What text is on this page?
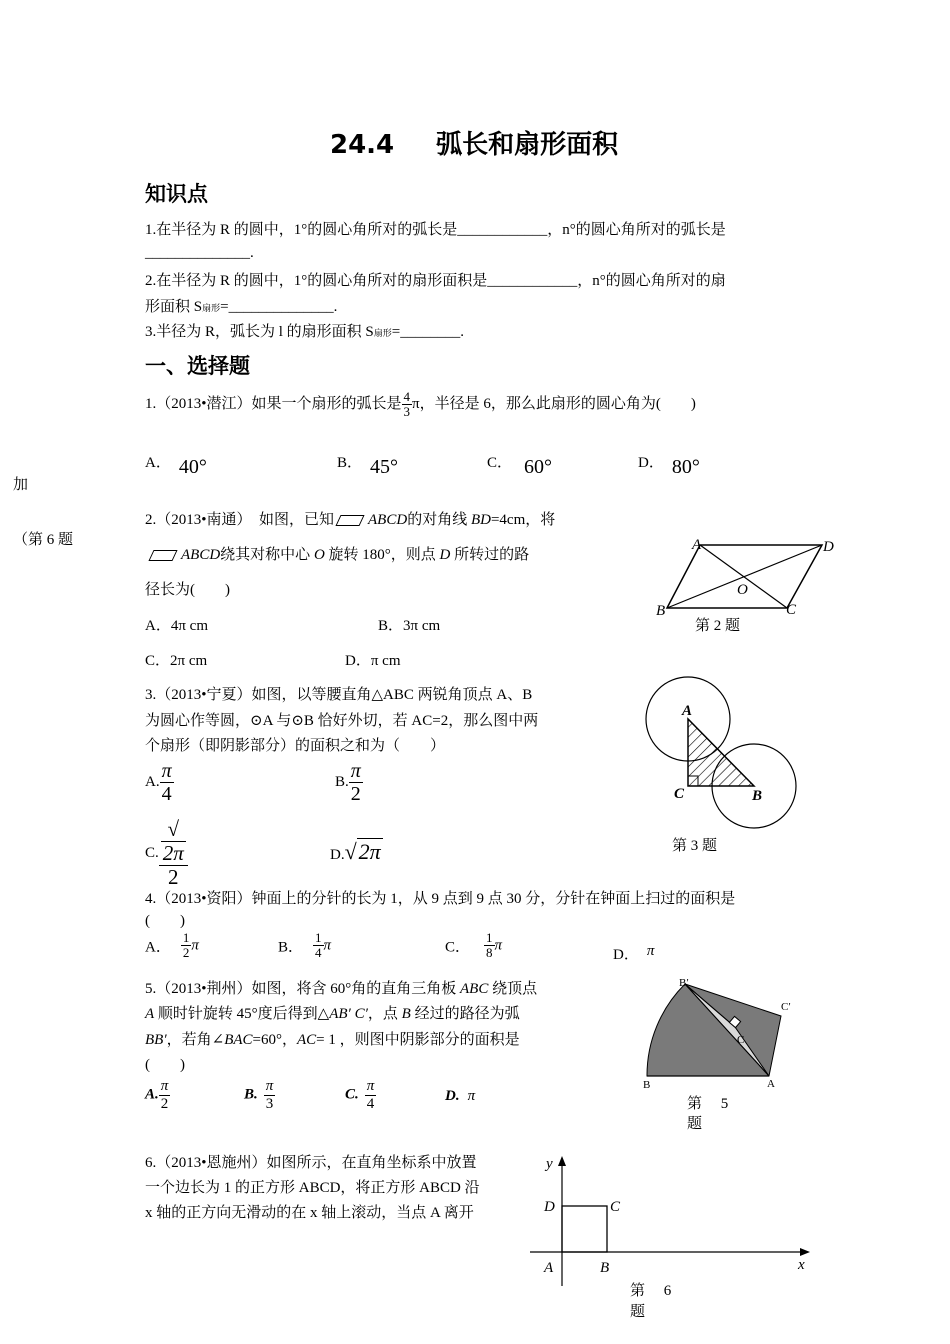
24.4 弧长和扇形面积
知识点
1.在半径为 R 的圆中，1°的圆心角所对的弧长是____________，n°的圆心角所对的弧长是
______________.
2.在半径为 R 的圆中，1°的圆心角所对的扇形面积是____________，n°的圆心角所对的扇
形面积 S扇形=______________.
3.半径为 R，弧长为 l 的扇形面积 S扇形=________.
一、选择题
加
（第 6 题
1.（2013•潜江）如果一个扇形的弧长是 $\frac{4}{3}$ π，半径是 6，那么此扇形的圆心角为(　　)
A． 40°	B． 45°	C． 60°	D． 80°
2.（2013•南通）　如图，已知 ABCD的对角线 BD=4cm，将
ABCD绕其对称中心 O 旋转 180°，则点 D 所转过的路
径长为(　　)
A．4π cm	B．3π cm
C．2π cm	D．π cm
A	D
O
B	C
第 2 题
3.（2013•宁夏）如图，以等腰直角△ABC 两锐角顶点 A、B
为圆心作等圆，⊙A 与⊙B 恰好外切，若 AC=2，那么图中两
个扇形（即阴影部分）的面积之和为（　　）
A. $\frac{\pi}{4}$	B. $\frac{\pi}{2}$
C. √
2π
2	D.√2π
A
C	B
第 3 题
4.（2013•资阳）钟面上的分针的长为 1，从 9 点到 9 点 30 分，分针在钟面上扫过的面积是
(　　)
A． $\frac{1}{2}$ π	B． $\frac{1}{4}$ π	C． $\frac{1}{8}$ π
D． π
5.（2013•荆州）如图，将含 60°角的直角三角板 ABC 绕顶点
A 顺时针旋转 45°度后得到△AB′ C′，点 B 经过的路径为弧
BB′，若角∠BAC=60°，AC= 1 ，则图中阴影部分的面积是
(　　)
A. $\frac{\pi}{2}$	B. $\frac{\pi}{3}$	C. $\frac{\pi}{4}$	D. π
B′
C′
C
B	A
第　 5
题
6.（2013•恩施州）如图所示，在直角坐标系中放置
一个边长为 1 的正方形 ABCD，将正方形 ABCD 沿
x 轴的正方向无滑动的在 x 轴上滚动，当点 A 离开
y
x
D	C
A	B
第　 6
题
